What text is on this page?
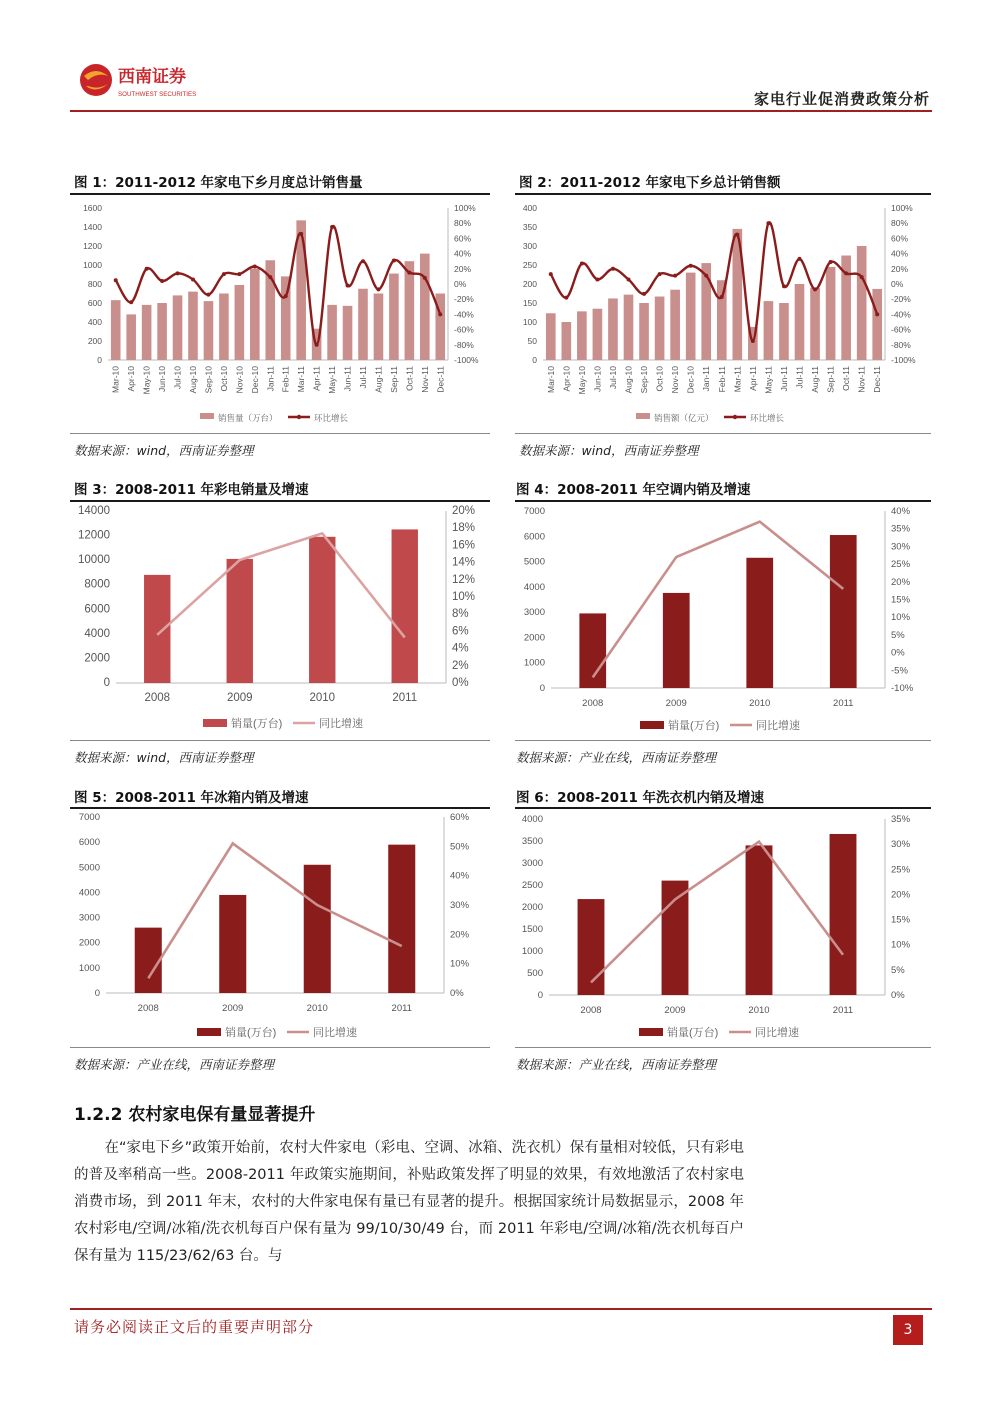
西南证券
SOUTHWEST SECURITIES	家电行业促消费政策分析
图 1：2011-2012 年家电下乡月度总计销售量	图 2：2011-2012 年家电下乡总计销售额
0
200
400
600
800
1000
1200
1400
1600
-100%
-80%
-60%
-40%
-20%
0%
20%
40%
60%
80%
100%
Mar-10 Apr-10 May-10 Jun-10 Jul-10 Aug-10 Sep-10 Oct-10 Nov-10 Dec-10 Jan-11 Feb-11 Mar-11 Apr-11 May-11 Jun-11 Jul-11 Aug-11 Sep-11 Oct-11 Nov-11 Dec-11
销售量（万台）	环比增长
0
50
100
150
200
250
300
350
400
-100%
-80%
-60%
-40%
-20%
0%
20%
40%
60%
80%
100%
Mar-10 Apr-10 May-10 Jun-10 Jul-10 Aug-10 Sep-10 Oct-10 Nov-10 Dec-10 Jan-11 Feb-11 Mar-11 Apr-11 May-11 Jun-11 Jul-11 Aug-11 Sep-11 Oct-11 Nov-11 Dec-11
销售额（亿元）	环比增长
数据来源：wind，西南证券整理	数据来源：wind，西南证券整理
图 3：2008-2011 年彩电销量及增速	图 4：2008-2011 年空调内销及增速
0
2000
4000
6000
8000
10000
12000
14000
0%
2%
4%
6%
8%
10%
12%
14%
16%
18%
20%
2008	2009	2010	2011
销量(万台)	同比增速
0
1000
2000
3000
4000
5000
6000
7000
-10%
-5%
0%
5%
10%
15%
20%
25%
30%
35%
40%
2008	2009	2010	2011
销量(万台)	同比增速
数据来源：wind，西南证券整理	数据来源：产业在线，西南证券整理
图 5：2008-2011 年冰箱内销及增速	图 6：2008-2011 年洗衣机内销及增速
0
1000
2000
3000
4000
5000
6000
7000
0%
10%
20%
30%
40%
50%
60%
2008	2009	2010	2011
销量(万台)	同比增速
0
500
1000
1500
2000
2500
3000
3500
4000
0%
5%
10%
15%
20%
25%
30%
35%
2008	2009	2010	2011
销量(万台)	同比增速
数据来源：产业在线，西南证券整理	数据来源：产业在线，西南证券整理
1.2.2 农村家电保有量显著提升

在“家电下乡”政策开始前，农村大件家电（彩电、空调、冰箱、洗衣机）保有量相对较低，只有彩电的普及率稍高一些。2008-2011 年政策实施期间，补贴政策发挥了明显的效果，有效地激活了农村家电消费市场，到 2011 年末，农村的大件家电保有量已有显著的提升。根据国家统计局数据显示，2008 年农村彩电/空调/冰箱/洗衣机每百户保有量为 99/10/30/49 台，而 2011 年彩电/空调/冰箱/洗衣机每百户保有量为 115/23/62/63 台。与

请务必阅读正文后的重要声明部分	3
